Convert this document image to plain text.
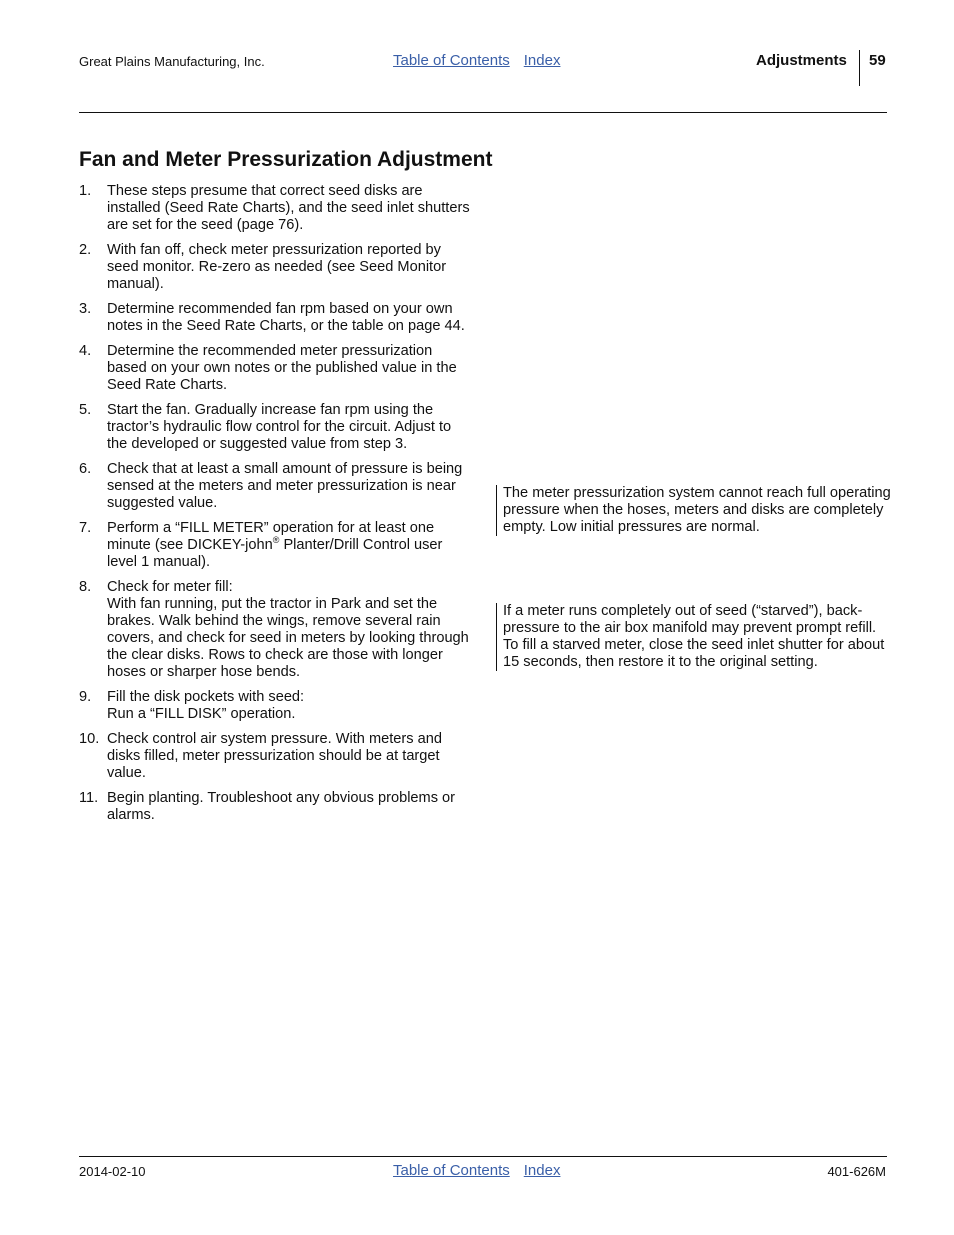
Great Plains Manufacturing, Inc.	Table of Contents Index	Adjustments 59
Fan and Meter Pressurization Adjustment
1.	These steps presume that correct seed disks are installed (Seed Rate Charts), and the seed inlet shutters are set for the seed (page 76).
2.	With fan off, check meter pressurization reported by seed monitor. Re-zero as needed (see Seed Monitor manual).
3.	Determine recommended fan rpm based on your own notes in the Seed Rate Charts, or the table on page 44.
4.	Determine the recommended meter pressurization based on your own notes or the published value in the Seed Rate Charts.
5.	Start the fan. Gradually increase fan rpm using the tractor’s hydraulic flow control for the circuit. Adjust to the developed or suggested value from step 3.
6.	Check that at least a small amount of pressure is being sensed at the meters and meter pressurization is near suggested value.
7.	Perform a “FILL METER” operation for at least one minute (see DICKEY-john® Planter/Drill Control user level 1 manual).
8.	Check for meter fill:
With fan running, put the tractor in Park and set the brakes. Walk behind the wings, remove several rain covers, and check for seed in meters by looking through the clear disks. Rows to check are those with longer hoses or sharper hose bends.
9.	Fill the disk pockets with seed:
Run a “FILL DISK” operation.
10. Check control air system pressure. With meters and disks filled, meter pressurization should be at target value.
11. Begin planting. Troubleshoot any obvious problems or alarms.
The meter pressurization system cannot reach full operating pressure when the hoses, meters and disks are completely empty. Low initial pressures are normal.
If a meter runs completely out of seed (“starved”), back-pressure to the air box manifold may prevent prompt refill. To fill a starved meter, close the seed inlet shutter for about 15 seconds, then restore it to the original setting.
2014-02-10	Table of Contents Index	401-626M
